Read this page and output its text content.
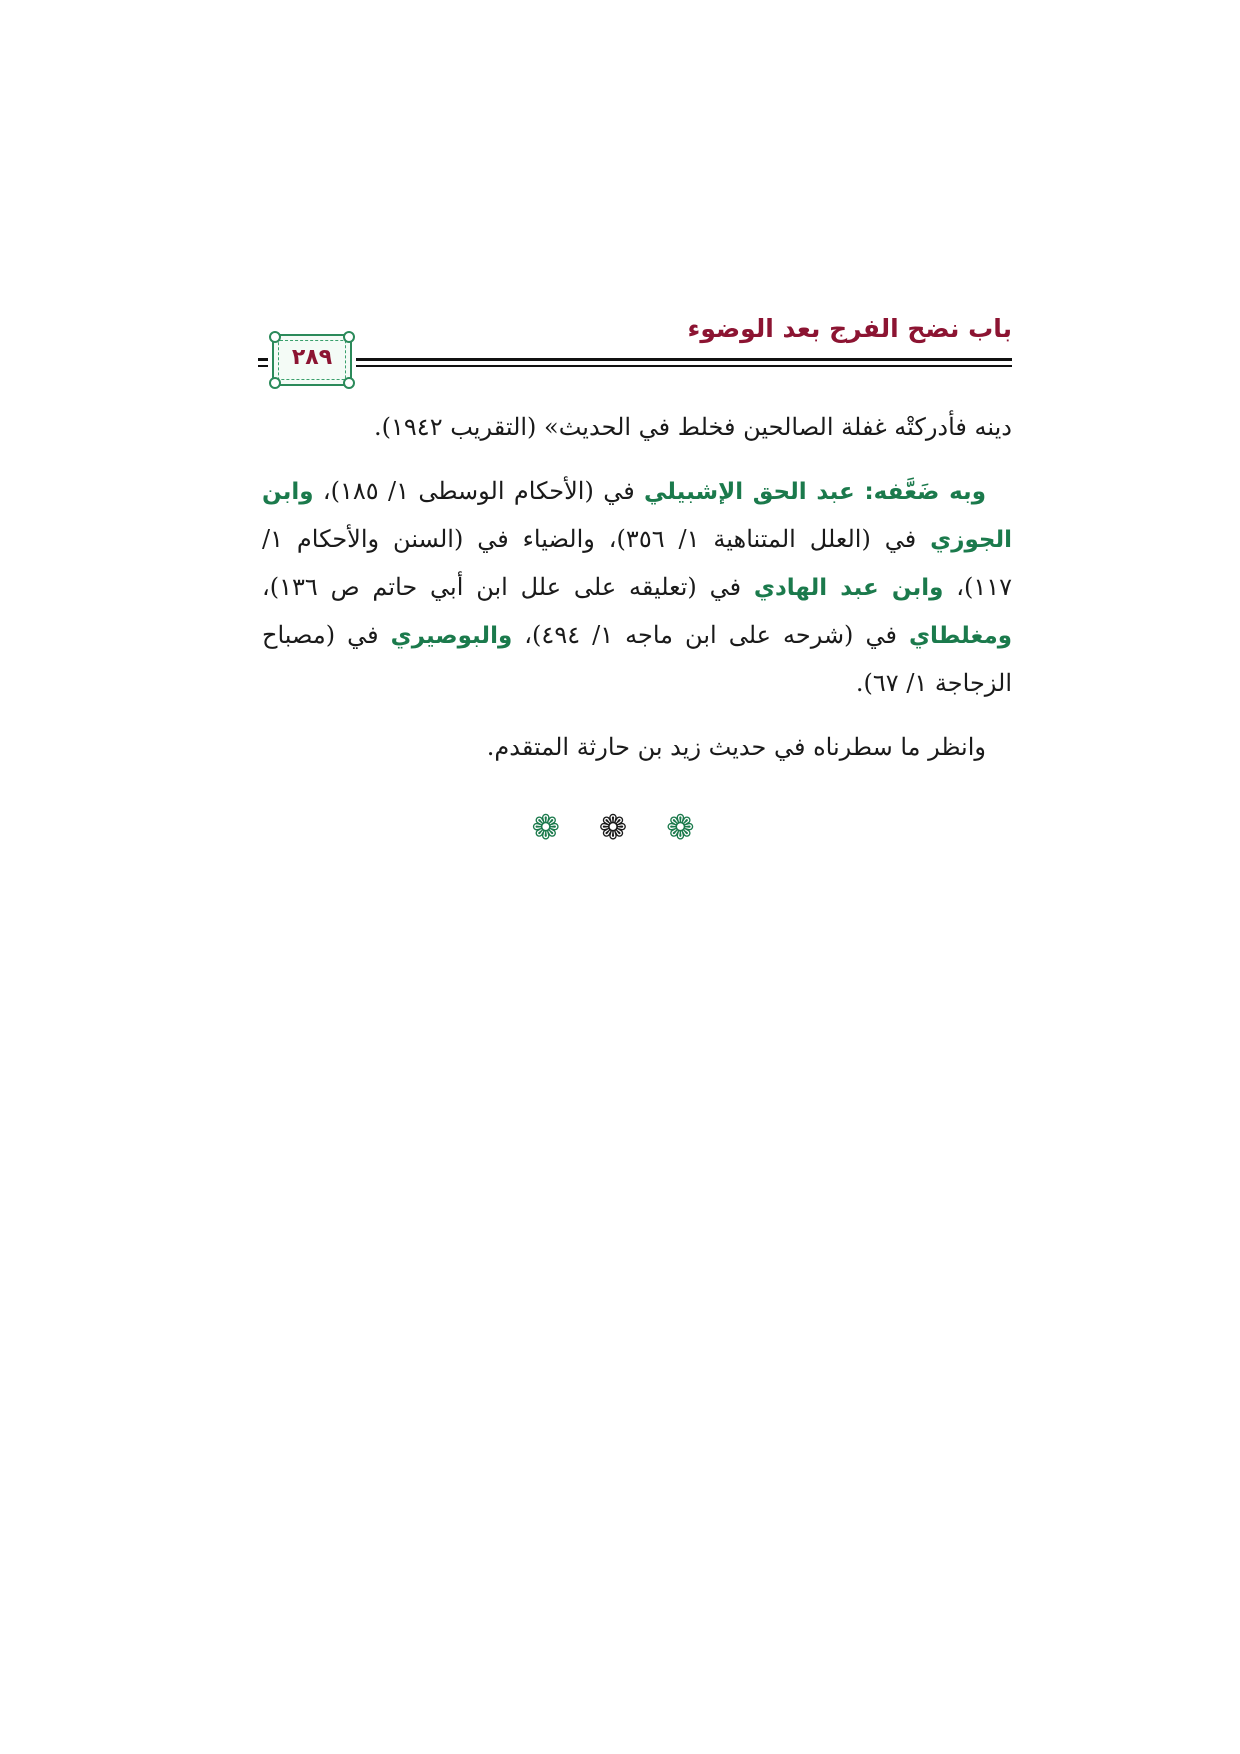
باب نضح الفرج بعد الوضوء
٢٨٩

دينه فأدركتْه غفلة الصالحين فخلط في الحديث» (التقريب ١٩٤٢).

وبه ضَعَّفه: عبد الحق الإشبيلي في (الأحكام الوسطى ١/ ١٨٥)، وابن الجوزي في (العلل المتناهية ١/ ٣٥٦)، والضياء في (السنن والأحكام ١/ ١١٧)، وابن عبد الهادي في (تعليقه على علل ابن أبي حاتم ص ١٣٦)، ومغلطاي في (شرحه على ابن ماجه ١/ ٤٩٤)، والبوصيري في (مصباح الزجاجة ١/ ٦٧).

وانظر ما سطرناه في حديث زيد بن حارثة المتقدم.

❁ ❁ ❁
